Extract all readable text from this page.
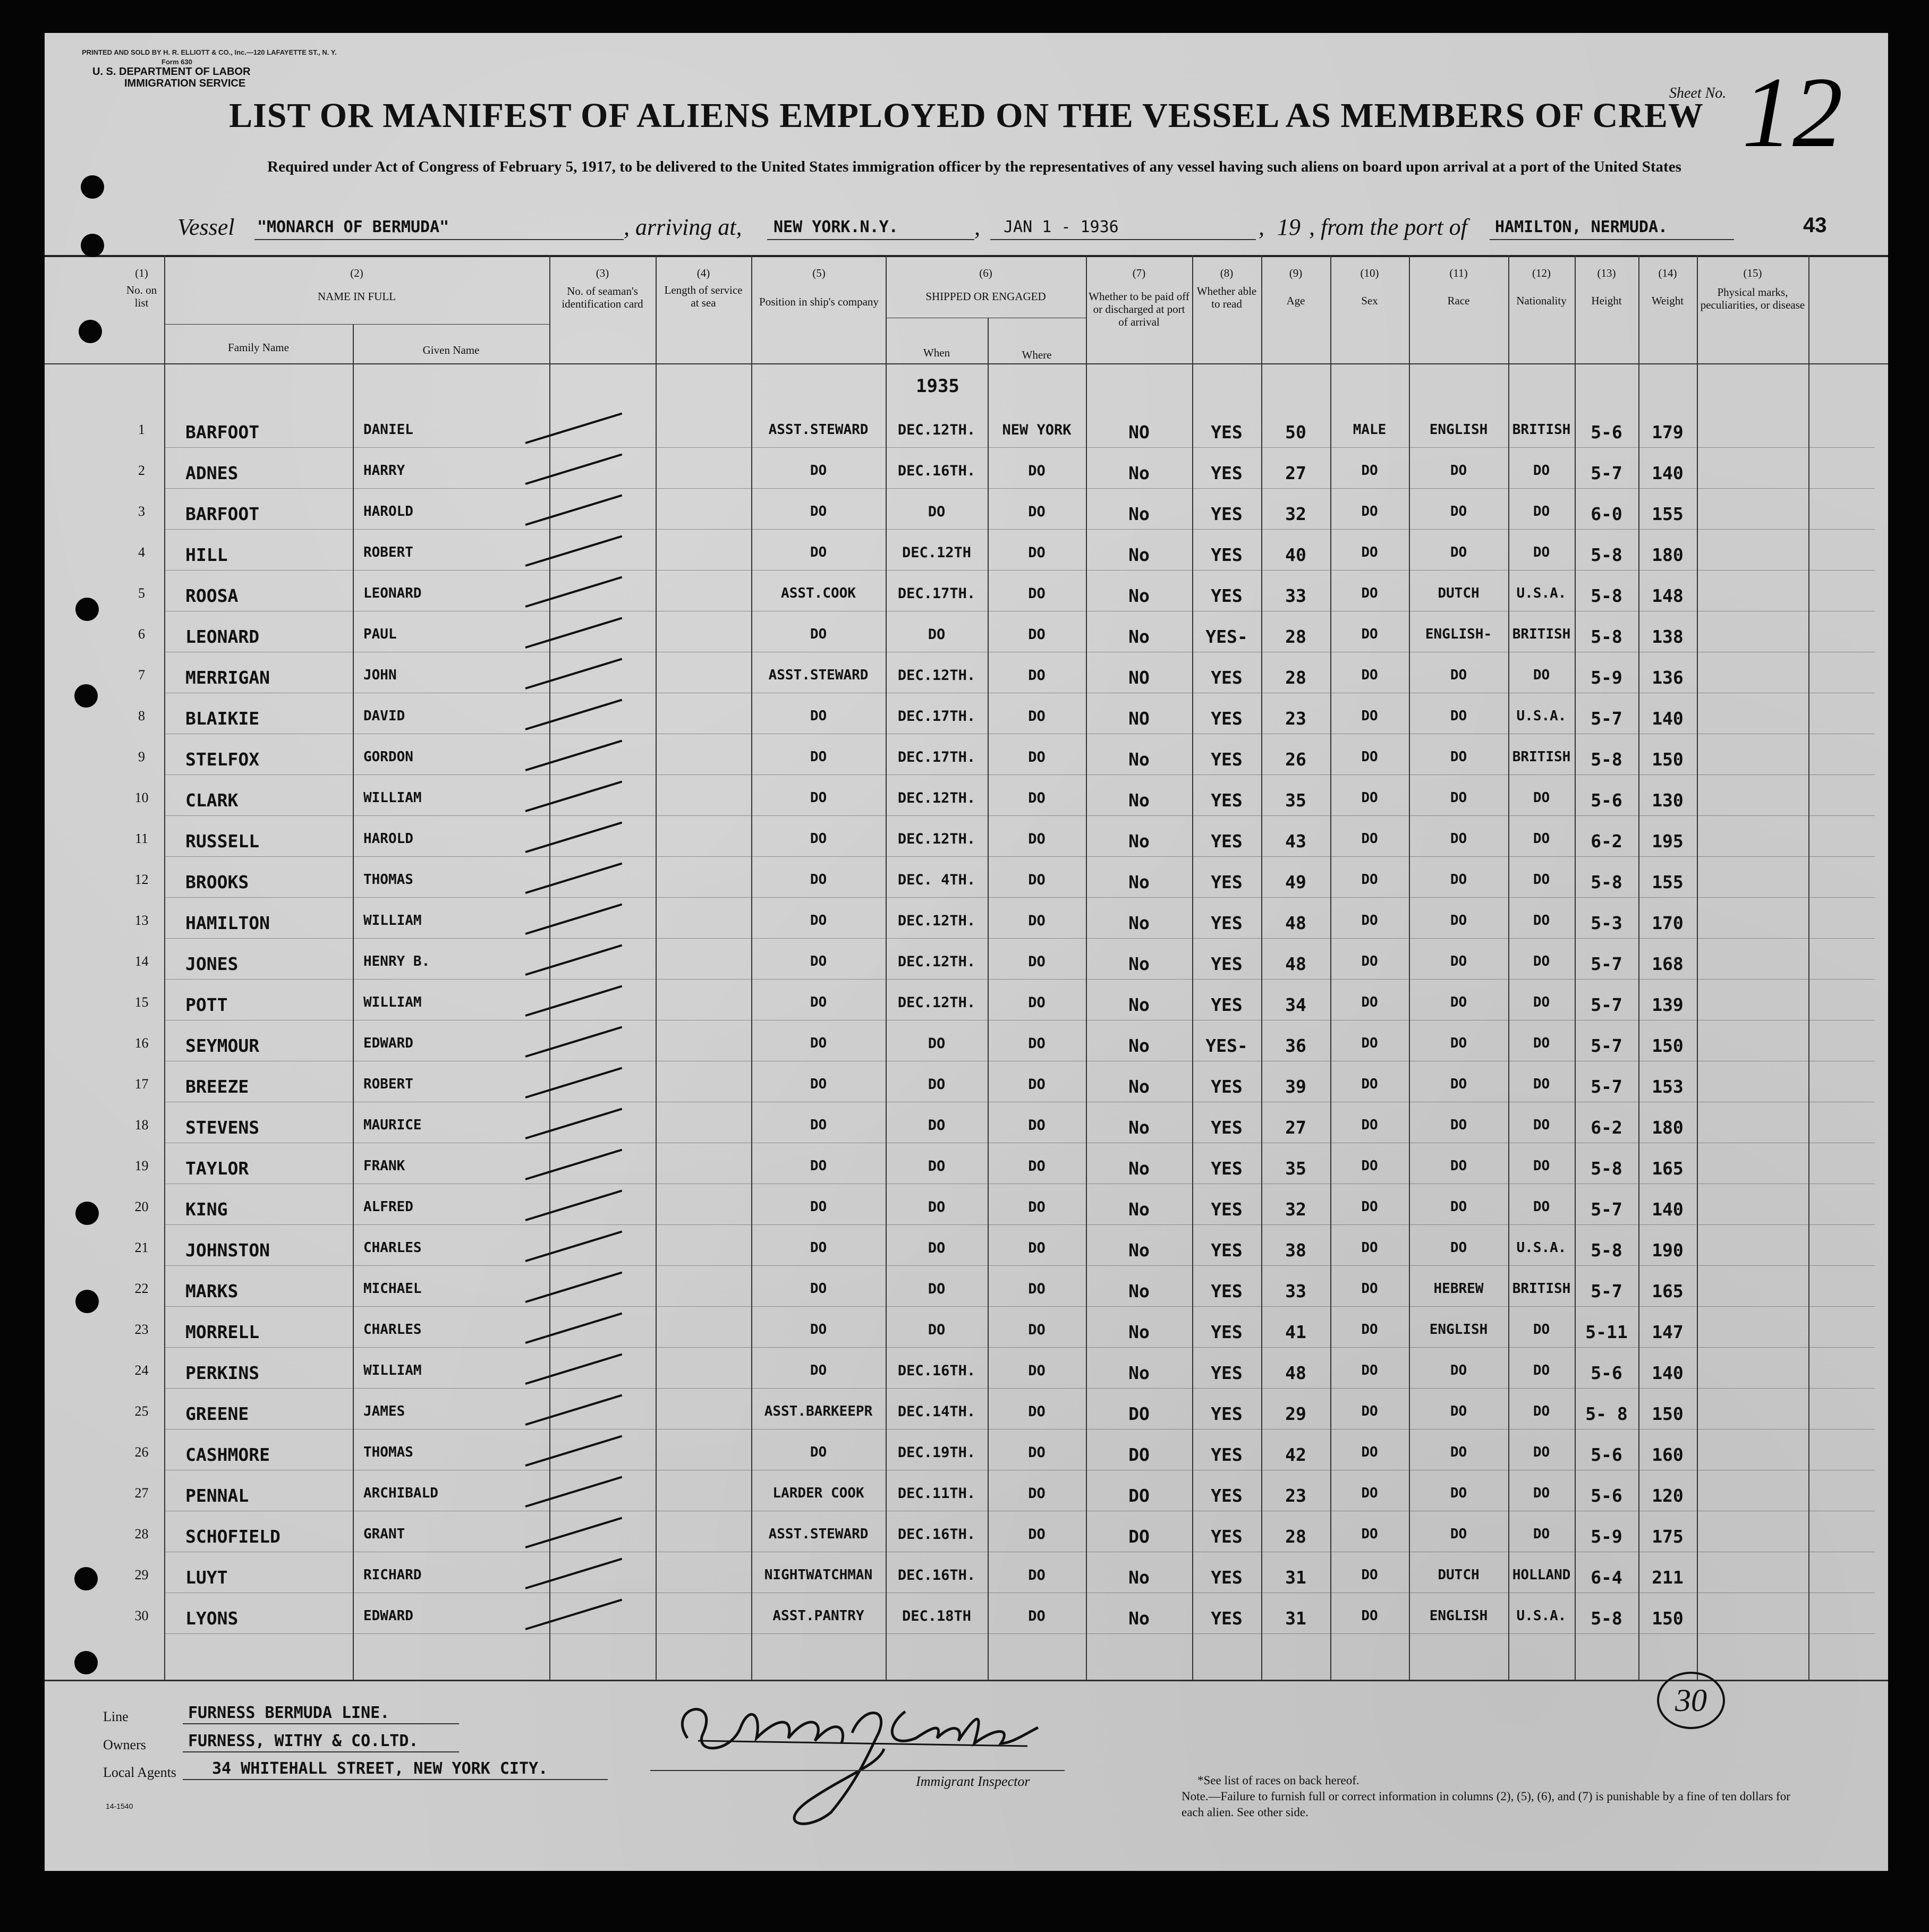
PRINTED AND SOLD BY H. R. ELLIOTT & CO., Inc.—120 LAFAYETTE ST., N. Y.
Form 630
U. S. DEPARTMENT OF LABOR
IMMIGRATION SERVICE
Sheet No. 12
LIST OR MANIFEST OF ALIENS EMPLOYED ON THE VESSEL AS MEMBERS OF CREW
Required under Act of Congress of February 5, 1917, to be delivered to the United States immigration officer by the representatives of any vessel having such aliens on board upon arrival at a port of the United States
Vessel "MONARCH OF BERMUDA"	, arriving at, NEW YORK.N.Y.	, JAN 1 - 1936	, 19 , from the port of HAMILTON, NERMUDA.	43
(1)
No. on list
(2)
NAME IN FULL
Family Name	Given Name
(3)
No. of seaman's identification card
(4)
Length of service at sea
(5)
Position in ship's company
(6)
SHIPPED OR ENGAGED
When	Where
(7)
Whether to be paid off or discharged at port of arrival
(8)
Whether able to read
(9)
Age
(10)
Sex
(11)
Race
(12)
Nationality
(13)
Height
(14)
Weight
(15)
Physical marks, peculiarities, or disease
1935
1	BARFOOT	DANIEL	ASST.STEWARD	DEC.12TH.	NEW YORK	NO	YES	50	MALE	ENGLISH	BRITISH	5-6	179
2	ADNES	HARRY	DO	DEC.16TH.	DO	No	YES	27	DO	DO	DO	5-7	140
3	BARFOOT	HAROLD	DO	DO	DO	No	YES	32	DO	DO	DO	6-0	155
4	HILL	ROBERT	DO	DEC.12TH	DO	No	YES	40	DO	DO	DO	5-8	180
5	ROOSA	LEONARD	ASST.COOK	DEC.17TH.	DO	No	YES	33	DO	DUTCH	U.S.A.	5-8	148
6	LEONARD	PAUL	DO	DO	DO	No	YES-	28	DO	ENGLISH-	BRITISH	5-8	138
7	MERRIGAN	JOHN	ASST.STEWARD	DEC.12TH.	DO	NO	YES	28	DO	DO	DO	5-9	136
8	BLAIKIE	DAVID	DO	DEC.17TH.	DO	NO	YES	23	DO	DO	U.S.A.	5-7	140
9	STELFOX	GORDON	DO	DEC.17TH.	DO	No	YES	26	DO	DO	BRITISH	5-8	150
10	CLARK	WILLIAM	DO	DEC.12TH.	DO	No	YES	35	DO	DO	DO	5-6	130
11	RUSSELL	HAROLD	DO	DEC.12TH.	DO	No	YES	43	DO	DO	DO	6-2	195
12	BROOKS	THOMAS	DO	DEC. 4TH.	DO	No	YES	49	DO	DO	DO	5-8	155
13	HAMILTON	WILLIAM	DO	DEC.12TH.	DO	No	YES	48	DO	DO	DO	5-3	170
14	JONES	HENRY B.	DO	DEC.12TH.	DO	No	YES	48	DO	DO	DO	5-7	168
15	POTT	WILLIAM	DO	DEC.12TH.	DO	No	YES	34	DO	DO	DO	5-7	139
16	SEYMOUR	EDWARD	DO	DO	DO	No	YES-	36	DO	DO	DO	5-7	150
17	BREEZE	ROBERT	DO	DO	DO	No	YES	39	DO	DO	DO	5-7	153
18	STEVENS	MAURICE	DO	DO	DO	No	YES	27	DO	DO	DO	6-2	180
19	TAYLOR	FRANK	DO	DO	DO	No	YES	35	DO	DO	DO	5-8	165
20	KING	ALFRED	DO	DO	DO	No	YES	32	DO	DO	DO	5-7	140
21	JOHNSTON	CHARLES	DO	DO	DO	No	YES	38	DO	DO	U.S.A.	5-8	190
22	MARKS	MICHAEL	DO	DO	DO	No	YES	33	DO	HEBREW	BRITISH	5-7	165
23	MORRELL	CHARLES	DO	DO	DO	No	YES	41	DO	ENGLISH	DO	5-11	147
24	PERKINS	WILLIAM	DO	DEC.16TH.	DO	No	YES	48	DO	DO	DO	5-6	140
25	GREENE	JAMES	ASST.BARKEEPR	DEC.14TH.	DO	DO	YES	29	DO	DO	DO	5- 8	150
26	CASHMORE	THOMAS	DO	DEC.19TH.	DO	DO	YES	42	DO	DO	DO	5-6	160
27	PENNAL	ARCHIBALD	LARDER COOK	DEC.11TH.	DO	DO	YES	23	DO	DO	DO	5-6	120
28	SCHOFIELD	GRANT	ASST.STEWARD	DEC.16TH.	DO	DO	YES	28	DO	DO	DO	5-9	175
29	LUYT	RICHARD	NIGHTWATCHMAN	DEC.16TH.	DO	No	YES	31	DO	DUTCH	HOLLAND	6-4	211
30	LYONS	EDWARD	ASST.PANTRY	DEC.18TH	DO	No	YES	31	DO	ENGLISH	U.S.A.	5-8	150
Line	FURNESS BERMUDA LINE.
Owners	FURNESS, WITHY & CO.LTD.
Local Agents 34 WHITEHALL STREET, NEW YORK CITY.
Immigrant Inspector
30
*See list of races on back hereof.
Note.—Failure to furnish full or correct information in columns (2), (5), (6), and (7) is punishable by a fine of ten dollars for each alien. See other side.
14-1540
